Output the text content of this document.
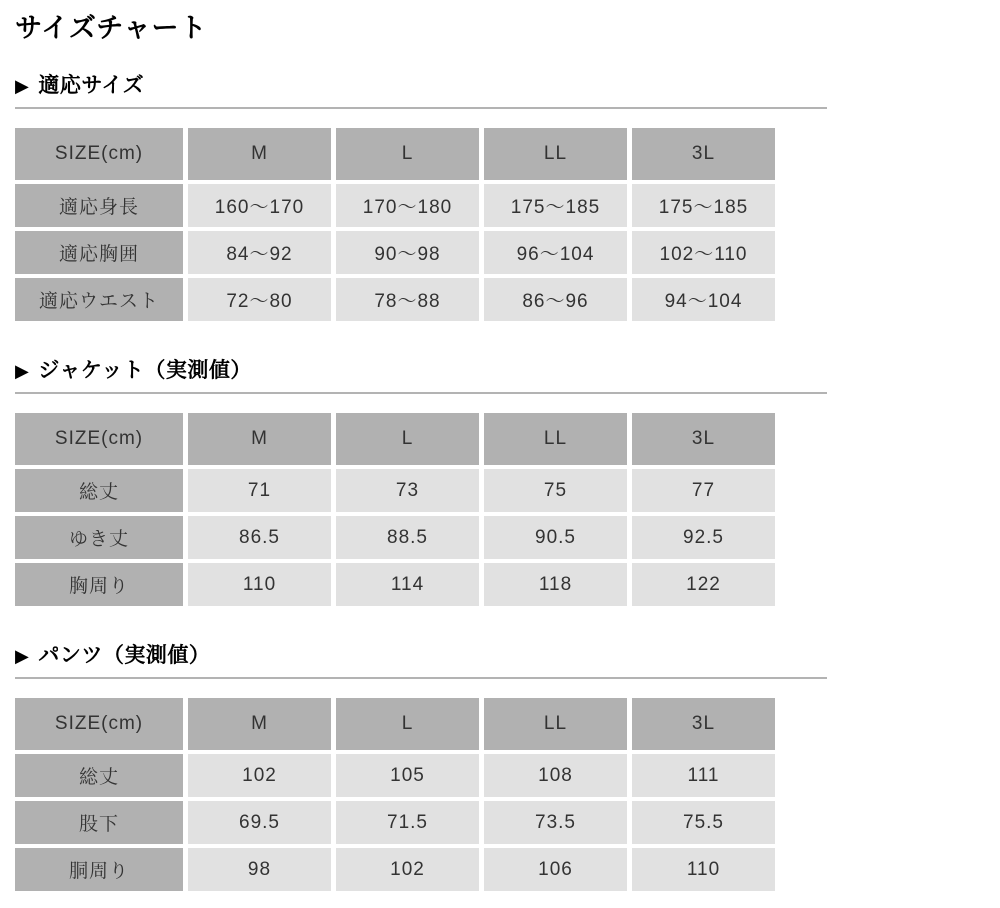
サイズチャート
▶ 適応サイズ
SIZE(cm)	M	L	LL	3L
適応身長	160～170	170～180	175～185	175～185
適応胸囲	84～92	90～98	96～104	102～110
適応ウエスト	72～80	78～88	86～96	94～104
▶ ジャケット（実測値）
SIZE(cm)	M	L	LL	3L
総丈	71	73	75	77
ゆき丈	86.5	88.5	90.5	92.5
胸周り	110	114	118	122
▶ パンツ（実測値）
SIZE(cm)	M	L	LL	3L
総丈	102	105	108	111
股下	69.5	71.5	73.5	75.5
胴周り	98	102	106	110
